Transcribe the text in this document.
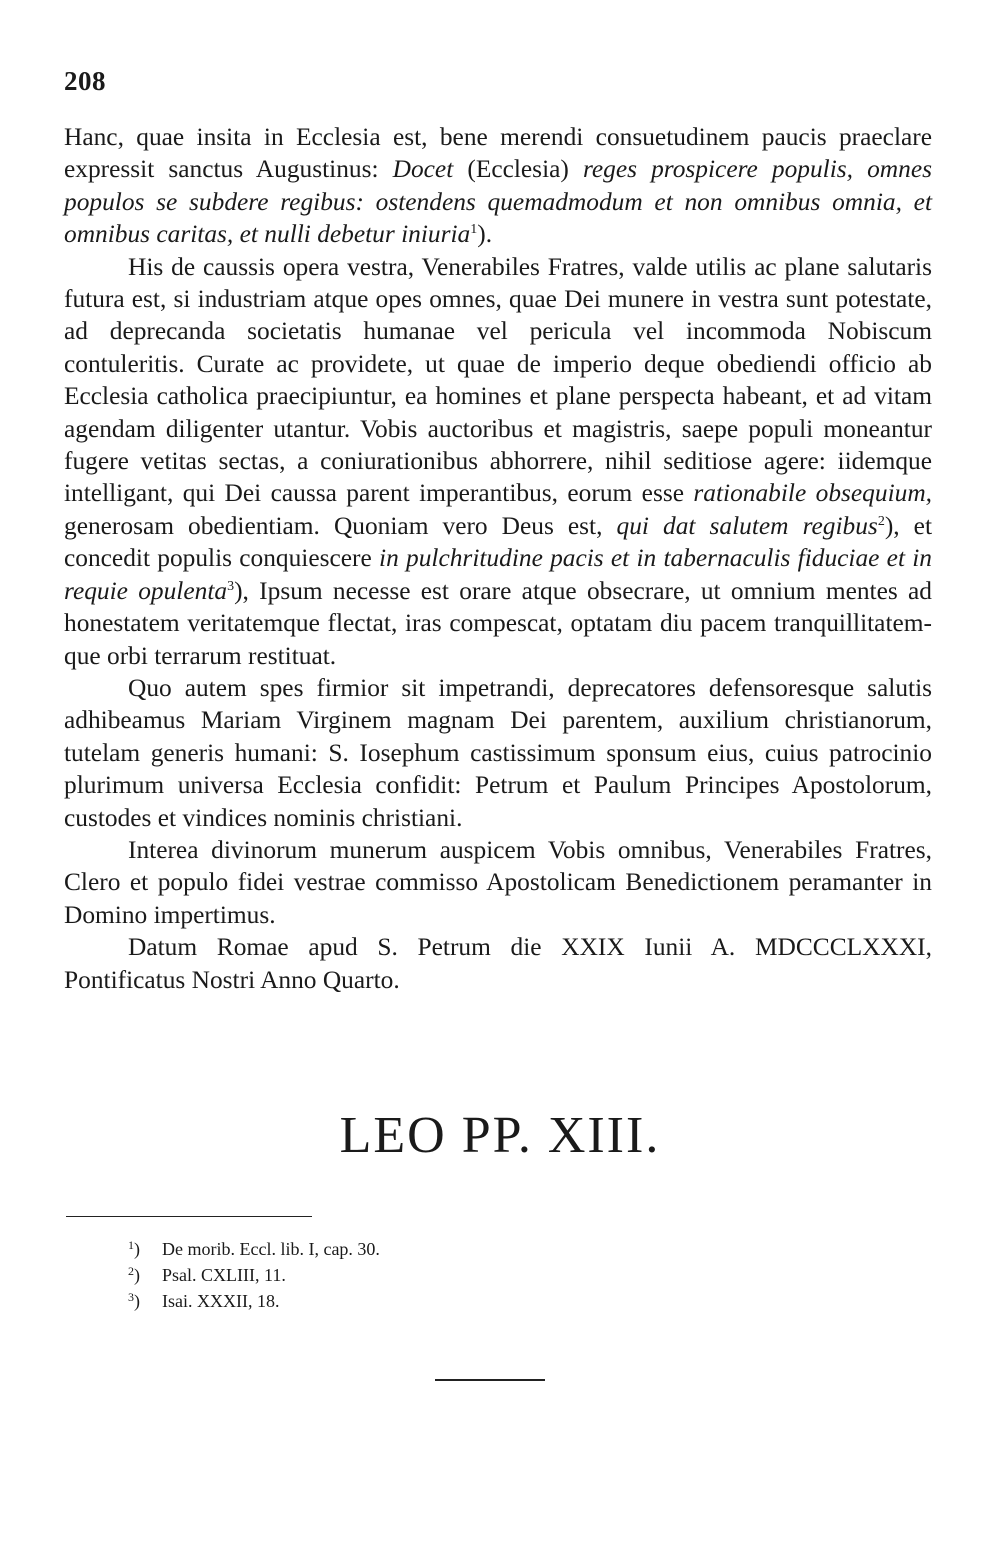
208

Hanc, quae insita in Ecclesia est, bene merendi consuetudinem paucis praeclare expressit sanctus Augustinus: Docet (Ecclesia) reges prospicere populis, omnes populos se subdere regibus: ostendens quemadmodum et non omnibus omnia, et omnibus caritas, et nulli debetur iniuria$^1$).

His de caussis opera vestra, Venerabiles Fratres, valde utilis ac plane salutaris futura est, si industriam atque opes omnes, quae Dei munere in vestra sunt potestate, ad deprecanda societatis humanae vel pericula vel incommoda Nobiscum contuleritis. Curate ac providete, ut quae de imperio deque obediendi officio ab Ecclesia catholica praecipiuntur, ea homines et plane perspecta habeant, et ad vitam agendam diligenter utantur. Vobis auctoribus et magistris, saepe populi moneantur fugere vetitas sectas, a coniurationibus abhorrere, nihil seditiose agere: iidemque intelligant, qui Dei caussa parent imperantibus, eorum esse rationabile obsequium, generosam obedientiam. Quoniam vero Deus est, qui dat salutem regibus$^2$), et concedit populis conquiescere in pulchritudine pacis et in tabernaculis fiduciae et in requie opulenta$^3$), Ipsum necesse est orare atque obsecrare, ut omnium mentes ad honestatem veritatemque flectat, iras compescat, optatam diu pacem tranquillitatemque orbi terrarum restituat.

Quo autem spes firmior sit impetrandi, deprecatores defensoresque salutis adhibeamus Mariam Virginem magnam Dei parentem, auxilium christianorum, tutelam generis humani: S. Iosephum castissimum sponsum eius, cuius patrocinio plurimum universa Ecclesia confidit: Petrum et Paulum Principes Apostolorum, custodes et vindices nominis christiani.

Interea divinorum munerum auspicem Vobis omnibus, Venerabiles Fratres, Clero et populo fidei vestrae commisso Apostolicam Benedictionem peramanter in Domino impertimus.

Datum Romae apud S. Petrum die XXIX Iunii A. MDCCCLXXXI, Pontificatus Nostri Anno Quarto.

LEO PP. XIII.
$^1$) De morib. Eccl. lib. I, cap. 30.
$^2$) Psal. CXLIII, 11.
$^3$) Isai. XXXII, 18.
